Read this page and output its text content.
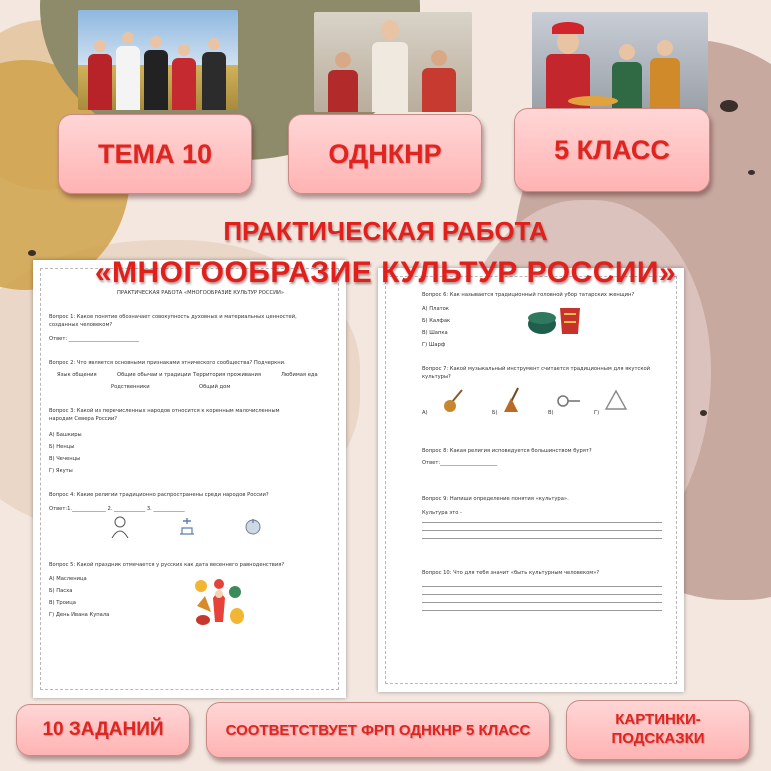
ТЕМА 10	ОДНКНР	5 КЛАСС
ПРАКТИЧЕСКАЯ РАБОТА «МНОГООБРАЗИЕ КУЛЬТУР РОССИИ»
Вопрос 1: Какое понятие обозначает совокупность духовных и материальных ценностей,
созданных человеком?
Ответ: ___________________________
Вопрос 2: Что является основными признаками этнического сообщества? Подчеркни.
Язык общения	Общие обычаи и традиции Территория проживания	Любимая еда
Родственники	Общий дом
Вопрос 3: Какой из перечисленных народов относится к коренным малочисленным
народам Севера России?
А) Башкиры
Б) Ненцы
В) Чеченцы
Г) Якуты
Вопрос 4: Какие религии традиционно распространены среди народов России?
Ответ:1._____________ 2. ____________ 3. ____________
Вопрос 5: Какой праздник отмечается у русских как дата весеннего равноденствия?
А) Масленица
Б) Пасха
В) Троица
Г) День Ивана Купала
Вопрос 6: Как называется традиционный головной убор татарских женщин?
А) Платок
Б) Калфак
В) Шапка
Г) Шарф
Вопрос 7: Какой музыкальный инструмент считается традиционным для якутской
культуры?
А)	Б)	В)	Г)
Вопрос 8: Какая религия исповедуется большинством бурят?
Ответ:______________________
Вопрос 9: Напиши определение понятия «культура».
Культура это -
Вопрос 10: Что для тебя значит «быть культурным человеком»?
ПРАКТИЧЕСКАЯ РАБОТА
«МНОГООБРАЗИЕ КУЛЬТУР РОССИИ»
10 ЗАДАНИЙ	СООТВЕТСТВУЕТ ФРП ОДНКНР 5 КЛАСС
КАРТИНКИ-ПОДСКАЗКИ
